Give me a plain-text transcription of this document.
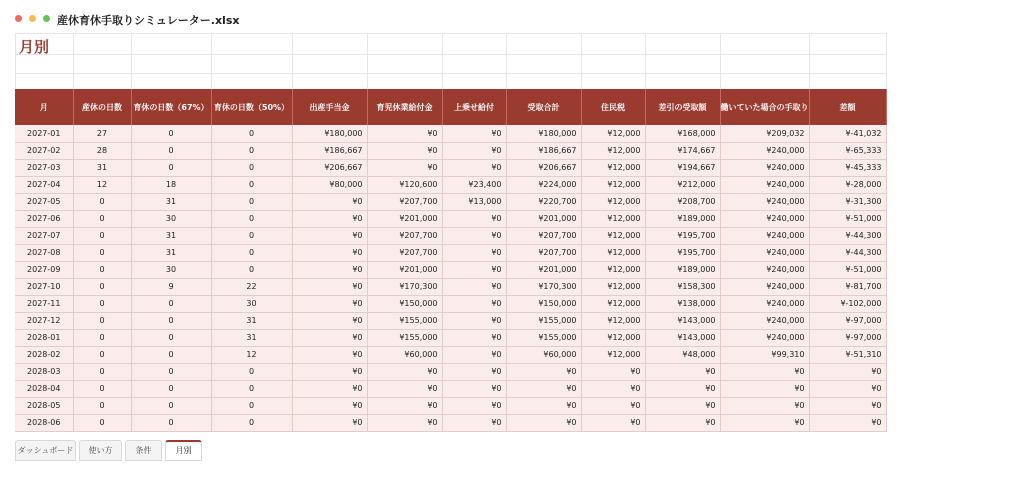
産休育休手取りシミュレーター.xlsx

月別
月	産休の日数	育休の日数（67%）	育休の日数（50%）	出産手当金	育児休業給付金	上乗せ給付	受取合計	住民税	差引の受取額	働いていた場合の手取り	差額
2027-01	27	0	0	¥180,000	¥0	¥0	¥180,000	¥12,000	¥168,000	¥209,032	¥-41,032
2027-02	28	0	0	¥186,667	¥0	¥0	¥186,667	¥12,000	¥174,667	¥240,000	¥-65,333
2027-03	31	0	0	¥206,667	¥0	¥0	¥206,667	¥12,000	¥194,667	¥240,000	¥-45,333
2027-04	12	18	0	¥80,000	¥120,600	¥23,400	¥224,000	¥12,000	¥212,000	¥240,000	¥-28,000
2027-05	0	31	0	¥0	¥207,700	¥13,000	¥220,700	¥12,000	¥208,700	¥240,000	¥-31,300
2027-06	0	30	0	¥0	¥201,000	¥0	¥201,000	¥12,000	¥189,000	¥240,000	¥-51,000
2027-07	0	31	0	¥0	¥207,700	¥0	¥207,700	¥12,000	¥195,700	¥240,000	¥-44,300
2027-08	0	31	0	¥0	¥207,700	¥0	¥207,700	¥12,000	¥195,700	¥240,000	¥-44,300
2027-09	0	30	0	¥0	¥201,000	¥0	¥201,000	¥12,000	¥189,000	¥240,000	¥-51,000
2027-10	0	9	22	¥0	¥170,300	¥0	¥170,300	¥12,000	¥158,300	¥240,000	¥-81,700
2027-11	0	0	30	¥0	¥150,000	¥0	¥150,000	¥12,000	¥138,000	¥240,000	¥-102,000
2027-12	0	0	31	¥0	¥155,000	¥0	¥155,000	¥12,000	¥143,000	¥240,000	¥-97,000
2028-01	0	0	31	¥0	¥155,000	¥0	¥155,000	¥12,000	¥143,000	¥240,000	¥-97,000
2028-02	0	0	12	¥0	¥60,000	¥0	¥60,000	¥12,000	¥48,000	¥99,310	¥-51,310
2028-03	0	0	0	¥0	¥0	¥0	¥0	¥0	¥0	¥0	¥0
2028-04	0	0	0	¥0	¥0	¥0	¥0	¥0	¥0	¥0	¥0
2028-05	0	0	0	¥0	¥0	¥0	¥0	¥0	¥0	¥0	¥0
2028-06	0	0	0	¥0	¥0	¥0	¥0	¥0	¥0	¥0	¥0
ダッシュボード	使い方	条件	月別
